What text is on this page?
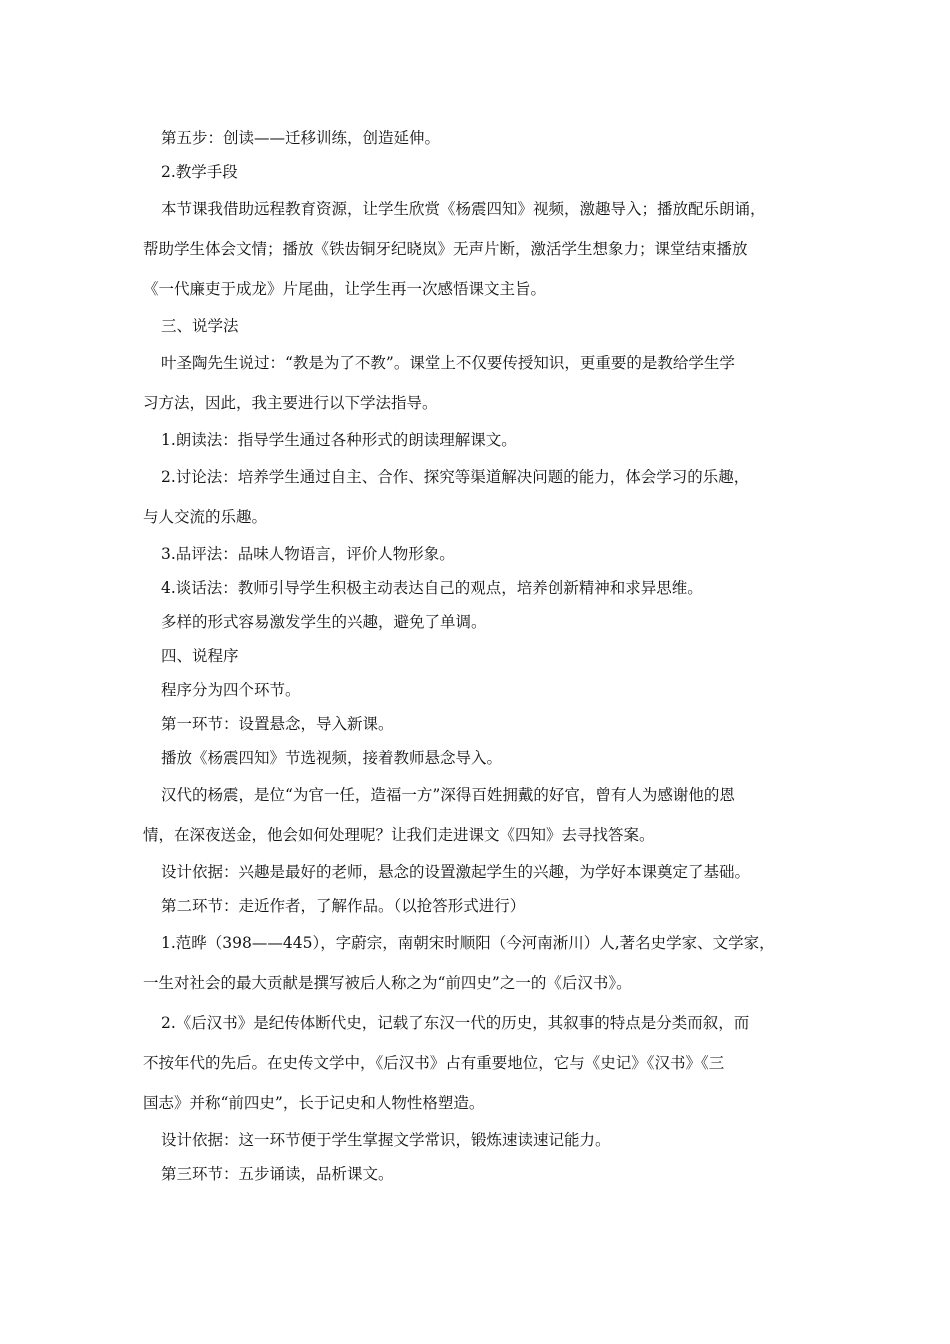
第五步：创读——迁移训练，创造延伸。
2.教学手段
本节课我借助远程教育资源，让学生欣赏《杨震四知》视频，激趣导入；播放配乐朗诵，
帮助学生体会文情；播放《铁齿铜牙纪晓岚》无声片断，激活学生想象力；课堂结束播放
《一代廉吏于成龙》片尾曲，让学生再一次感悟课文主旨。
三、说学法
叶圣陶先生说过：“教是为了不教”。课堂上不仅要传授知识，更重要的是教给学生学
习方法，因此，我主要进行以下学法指导。
1.朗读法：指导学生通过各种形式的朗读理解课文。
2.讨论法：培养学生通过自主、合作、探究等渠道解决问题的能力，体会学习的乐趣，
与人交流的乐趣。
3.品评法：品味人物语言，评价人物形象。
4.谈话法：教师引导学生积极主动表达自己的观点，培养创新精神和求异思维。
多样的形式容易激发学生的兴趣，避免了单调。
四、说程序
程序分为四个环节。
第一环节：设置悬念，导入新课。
播放《杨震四知》节选视频，接着教师悬念导入。
汉代的杨震，是位“为官一任，造福一方”深得百姓拥戴的好官，曾有人为感谢他的恩
情，在深夜送金，他会如何处理呢？让我们走进课文《四知》去寻找答案。
设计依据：兴趣是最好的老师，悬念的设置激起学生的兴趣，为学好本课奠定了基础。
第二环节：走近作者，了解作品。（以抢答形式进行）
1.范晔（398——445），字蔚宗，南朝宋时顺阳（今河南淅川）人,著名史学家、文学家，
一生对社会的最大贡献是撰写被后人称之为“前四史”之一的《后汉书》。
2.《后汉书》是纪传体断代史，记载了东汉一代的历史，其叙事的特点是分类而叙，而
不按年代的先后。在史传文学中，《后汉书》占有重要地位，它与《史记》《汉书》《三
国志》并称“前四史”，长于记史和人物性格塑造。
设计依据：这一环节便于学生掌握文学常识，锻炼速读速记能力。
第三环节：五步诵读，品析课文。
